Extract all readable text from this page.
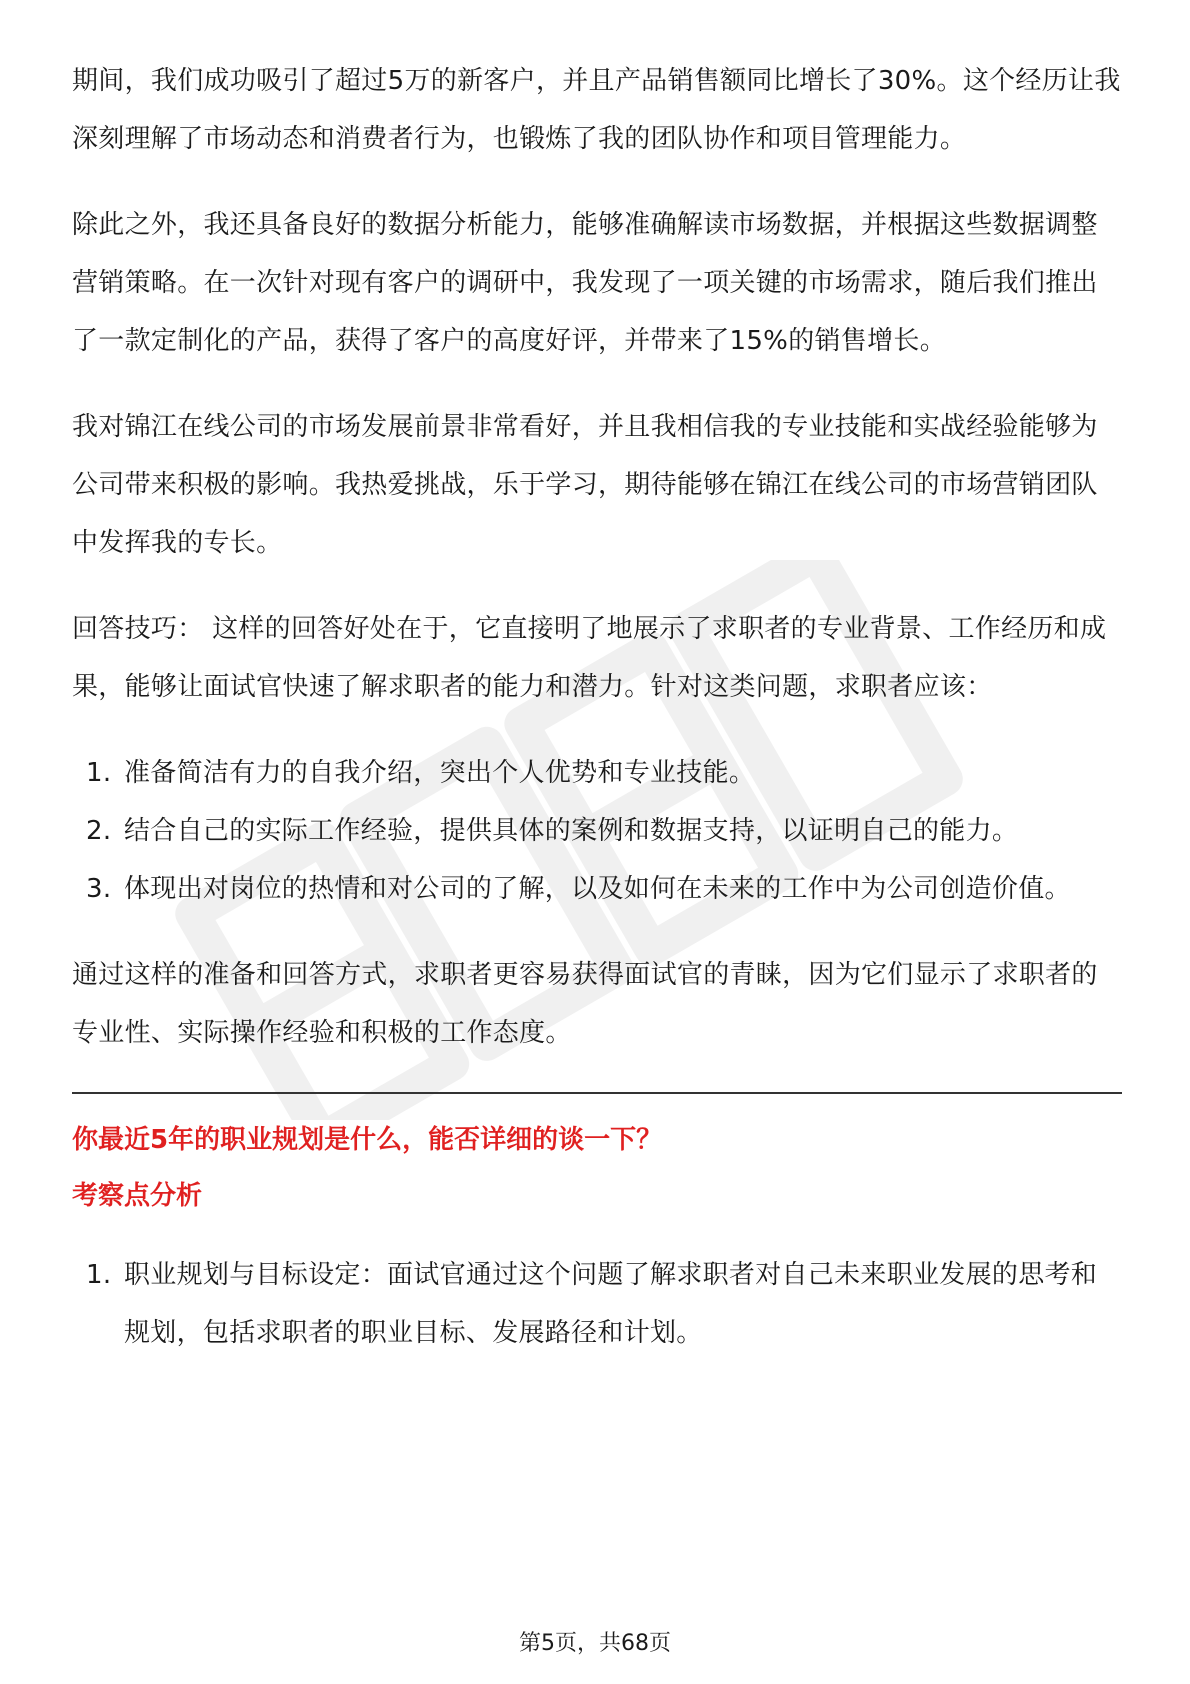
期间，我们成功吸引了超过5万的新客户，并且产品销售额同比增长了30%。这个经历让我深刻理解了市场动态和消费者行为，也锻炼了我的团队协作和项目管理能力。

除此之外，我还具备良好的数据分析能力，能够准确解读市场数据，并根据这些数据调整营销策略。在一次针对现有客户的调研中，我发现了一项关键的市场需求，随后我们推出了一款定制化的产品，获得了客户的高度好评，并带来了15%的销售增长。

我对锦江在线公司的市场发展前景非常看好，并且我相信我的专业技能和实战经验能够为公司带来积极的影响。我热爱挑战，乐于学习，期待能够在锦江在线公司的市场营销团队中发挥我的专长。

回答技巧： 这样的回答好处在于，它直接明了地展示了求职者的专业背景、工作经历和成果，能够让面试官快速了解求职者的能力和潜力。针对这类问题，求职者应该：

1. 准备简洁有力的自我介绍，突出个人优势和专业技能。
2. 结合自己的实际工作经验，提供具体的案例和数据支持，以证明自己的能力。
3. 体现出对岗位的热情和对公司的了解，以及如何在未来的工作中为公司创造价值。

通过这样的准备和回答方式，求职者更容易获得面试官的青睐，因为它们显示了求职者的专业性、实际操作经验和积极的工作态度。

你最近5年的职业规划是什么，能否详细的谈一下？

考察点分析

1. 职业规划与目标设定：面试官通过这个问题了解求职者对自己未来职业发展的思考和规划，包括求职者的职业目标、发展路径和计划。
第5页，共68页
